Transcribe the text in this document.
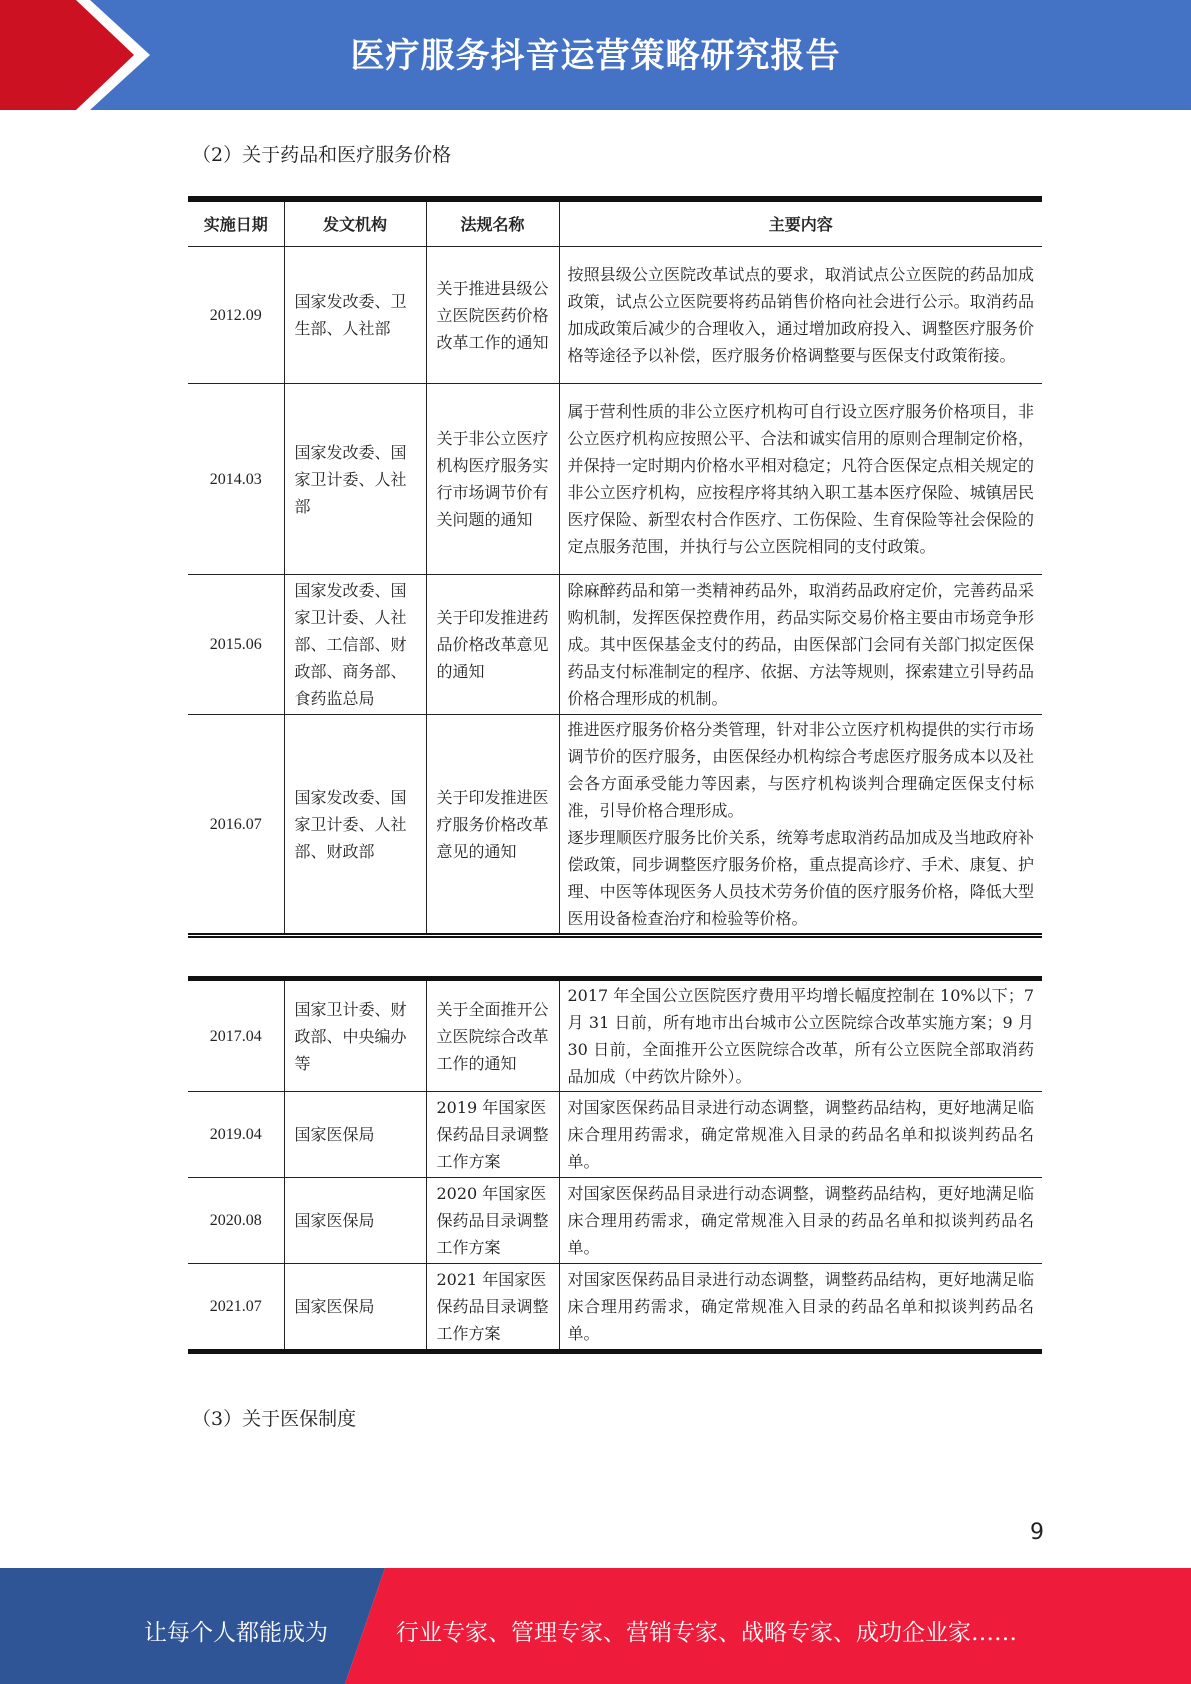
医疗服务抖音运营策略研究报告
（2）关于药品和医疗服务价格
实施日期	发文机构	法规名称	主要内容
2012.09	国家发改委、卫生部、人社部	关于推进县级公立医院医药价格改革工作的通知	按照县级公立医院改革试点的要求，取消试点公立医院的药品加成政策，试点公立医院要将药品销售价格向社会进行公示。取消药品加成政策后减少的合理收入，通过增加政府投入、调整医疗服务价格等途径予以补偿，医疗服务价格调整要与医保支付政策衔接。
2014.03	国家发改委、国家卫计委、人社部	关于非公立医疗机构医疗服务实行市场调节价有关问题的通知	属于营利性质的非公立医疗机构可自行设立医疗服务价格项目，非公立医疗机构应按照公平、合法和诚实信用的原则合理制定价格，并保持一定时期内价格水平相对稳定；凡符合医保定点相关规定的非公立医疗机构，应按程序将其纳入职工基本医疗保险、城镇居民医疗保险、新型农村合作医疗、工伤保险、生育保险等社会保险的定点服务范围，并执行与公立医院相同的支付政策。
2015.06	国家发改委、国家卫计委、人社部、工信部、财政部、商务部、食药监总局	关于印发推进药品价格改革意见的通知	除麻醉药品和第一类精神药品外，取消药品政府定价，完善药品采购机制，发挥医保控费作用，药品实际交易价格主要由市场竞争形成。其中医保基金支付的药品，由医保部门会同有关部门拟定医保药品支付标准制定的程序、依据、方法等规则，探索建立引导药品价格合理形成的机制。
2016.07	国家发改委、国家卫计委、人社部、财政部	关于印发推进医疗服务价格改革意见的通知	推进医疗服务价格分类管理，针对非公立医疗机构提供的实行市场调节价的医疗服务，由医保经办机构综合考虑医疗服务成本以及社会各方面承受能力等因素，与医疗机构谈判合理确定医保支付标准，引导价格合理形成。
逐步理顺医疗服务比价关系，统筹考虑取消药品加成及当地政府补偿政策，同步调整医疗服务价格，重点提高诊疗、手术、康复、护理、中医等体现医务人员技术劳务价值的医疗服务价格，降低大型医用设备检查治疗和检验等价格。
2017.04	国家卫计委、财政部、中央编办等	关于全面推开公立医院综合改革工作的通知	2017 年全国公立医院医疗费用平均增长幅度控制在 10%以下；7 月 31 日前，所有地市出台城市公立医院综合改革实施方案；9 月 30 日前，全面推开公立医院综合改革，所有公立医院全部取消药品加成（中药饮片除外）。
2019.04	国家医保局	2019 年国家医保药品目录调整工作方案	对国家医保药品目录进行动态调整，调整药品结构，更好地满足临床合理用药需求，确定常规准入目录的药品名单和拟谈判药品名单。
2020.08	国家医保局	2020 年国家医保药品目录调整工作方案	对国家医保药品目录进行动态调整，调整药品结构，更好地满足临床合理用药需求，确定常规准入目录的药品名单和拟谈判药品名单。
2021.07	国家医保局	2021 年国家医保药品目录调整工作方案	对国家医保药品目录进行动态调整，调整药品结构，更好地满足临床合理用药需求，确定常规准入目录的药品名单和拟谈判药品名单。
（3）关于医保制度
9
让每个人都能成为	行业专家、管理专家、营销专家、战略专家、成功企业家……
